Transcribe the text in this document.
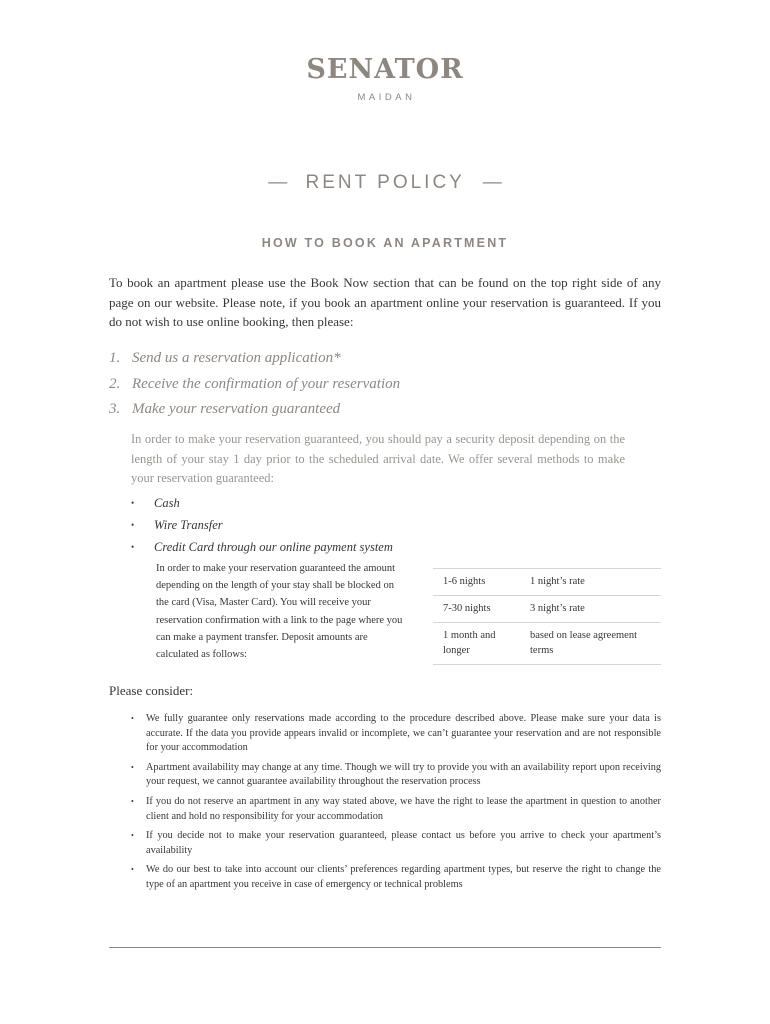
SENATOR
MAIDAN
— RENT POLICY —
HOW TO BOOK AN APARTMENT

To book an apartment please use the Book Now section that can be found on the top right side of any page on our website. Please note, if you book an apartment online your reservation is guaranteed. If you do not wish to use online booking, then please:

1. Send us a reservation application*
2. Receive the confirmation of your reservation
3. Make your reservation guaranteed

In order to make your reservation guaranteed, you should pay a security deposit depending on the length of your stay 1 day prior to the scheduled arrival date. We offer several methods to make your reservation guaranteed:

• Cash
• Wire Transfer
• Credit Card through our online payment system

In order to make your reservation guaranteed the amount depending on the length of your stay shall be blocked on the card (Visa, Master Card). You will receive your reservation confirmation with a link to the page where you can make a payment transfer. Deposit amounts are calculated as follows:

1-6 nights	1 night’s rate
7-30 nights	3 night’s rate
1 month and longer	based on lease agreement terms
Please consider:
• We fully guarantee only reservations made according to the procedure described above. Please make sure your data is accurate. If the data you provide appears invalid or incomplete, we can’t guarantee your reservation and are not responsible for your accommodation
• Apartment availability may change at any time. Though we will try to provide you with an availability report upon receiving your request, we cannot guarantee availability throughout the reservation process
• If you do not reserve an apartment in any way stated above, we have the right to lease the apartment in question to another client and hold no responsibility for your accommodation
• If you decide not to make your reservation guaranteed, please contact us before you arrive to check your apartment’s availability
• We do our best to take into account our clients’ preferences regarding apartment types, but reserve the right to change the type of an apartment you receive in case of emergency or technical problems
